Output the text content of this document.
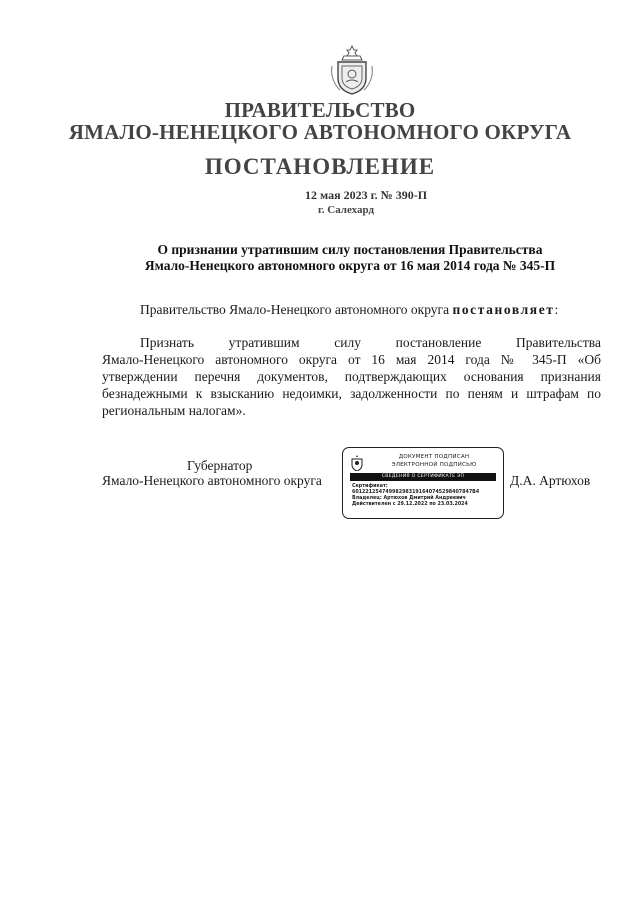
ПРАВИТЕЛЬСТВО
ЯМАЛО-НЕНЕЦКОГО АВТОНОМНОГО ОКРУГА
ПОСТАНОВЛЕНИЕ
12 мая 2023 г. № 390-П
г. Салехард
О признании утратившим силу постановления Правительства
Ямало-Ненецкого автономного округа от 16 мая 2014 года № 345-П
Правительство Ямало-Ненецкого автономного округа постановляет:
Признать утратившим силу постановление Правительства
Ямало-Ненецкого автономного округа от 16 мая 2014 года № 345-П «Об
утверждении перечня документов, подтверждающих основания признания
безнадежными к взысканию недоимки, задолженности по пеням и штрафам по
региональным налогам».
Губернатор
Ямало-Ненецкого автономного округа	Д.А. Артюхов
ДОКУМЕНТ ПОДПИСАН
ЭЛЕКТРОННОЙ ПОДПИСЬЮ
СВЕДЕНИЯ О СЕРТИФИКАТЕ ЭП
Сертификат:
601221254749982983191640745298407847B4
Владелец: Артюхов Дмитрий Андреевич
Действителен с 29.12.2022 по 23.03.2024
